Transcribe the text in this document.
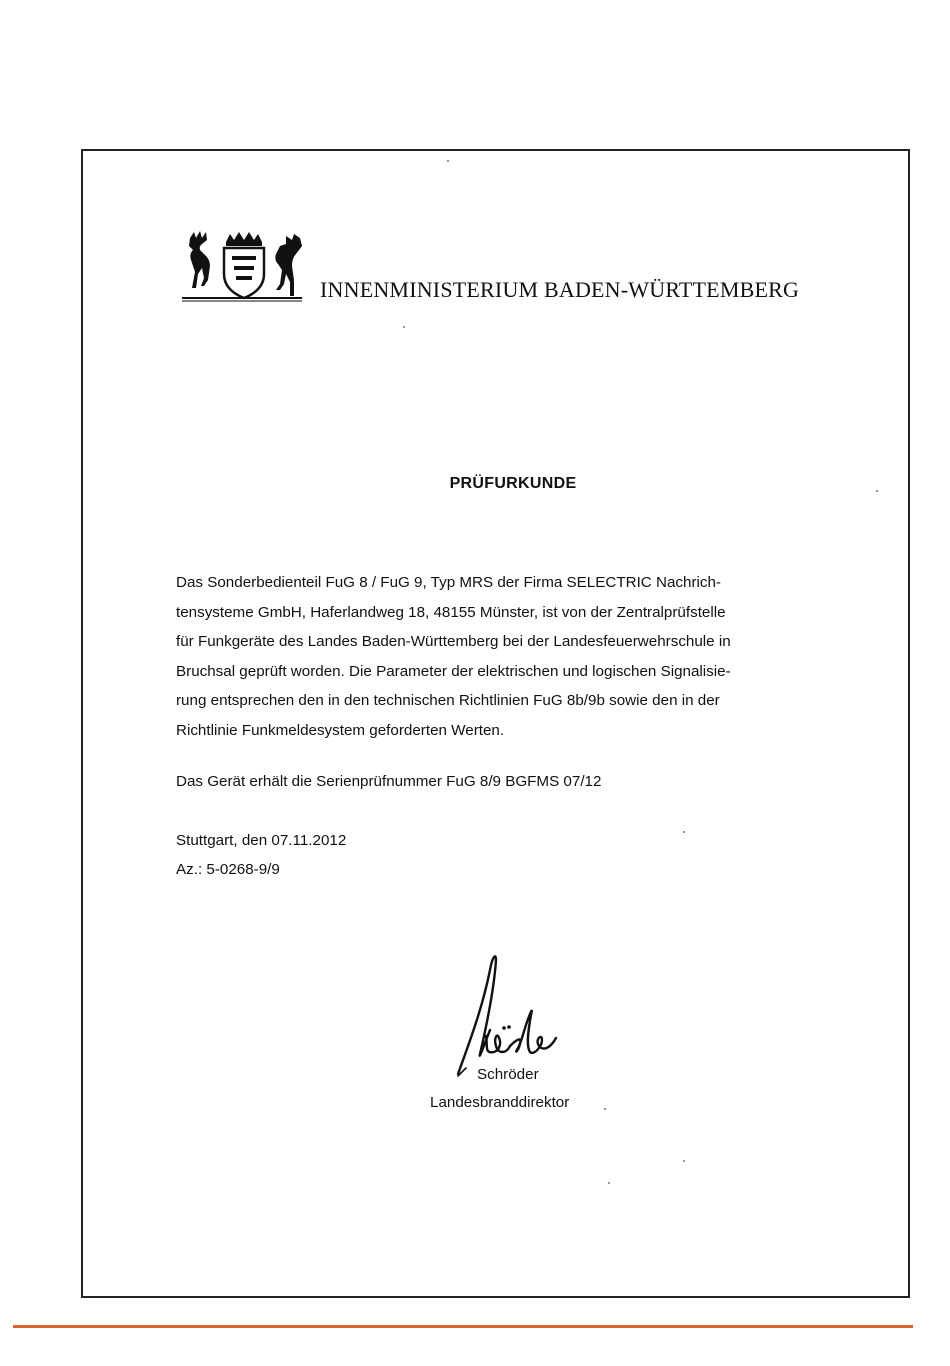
INNENMINISTERIUM BADEN-WÜRTTEMBERG
PRÜFURKUNDE

Das Sonderbedienteil FuG 8 / FuG 9, Typ MRS der Firma SELECTRIC Nachrich-
tensysteme GmbH, Haferlandweg 18, 48155 Münster, ist von der Zentralprüfstelle
für Funkgeräte des Landes Baden-Württemberg bei der Landesfeuerwehrschule in
Bruchsal geprüft worden. Die Parameter der elektrischen und logischen Signalisie-
rung entsprechen den in den technischen Richtlinien FuG 8b/9b sowie den in der
Richtlinie Funkmeldesystem geforderten Werten.

Das Gerät erhält die Serienprüfnummer FuG 8/9 BGFMS 07/12
Stuttgart, den 07.11.2012
Az.: 5-0268-9/9
Schröder
Landesbranddirektor
